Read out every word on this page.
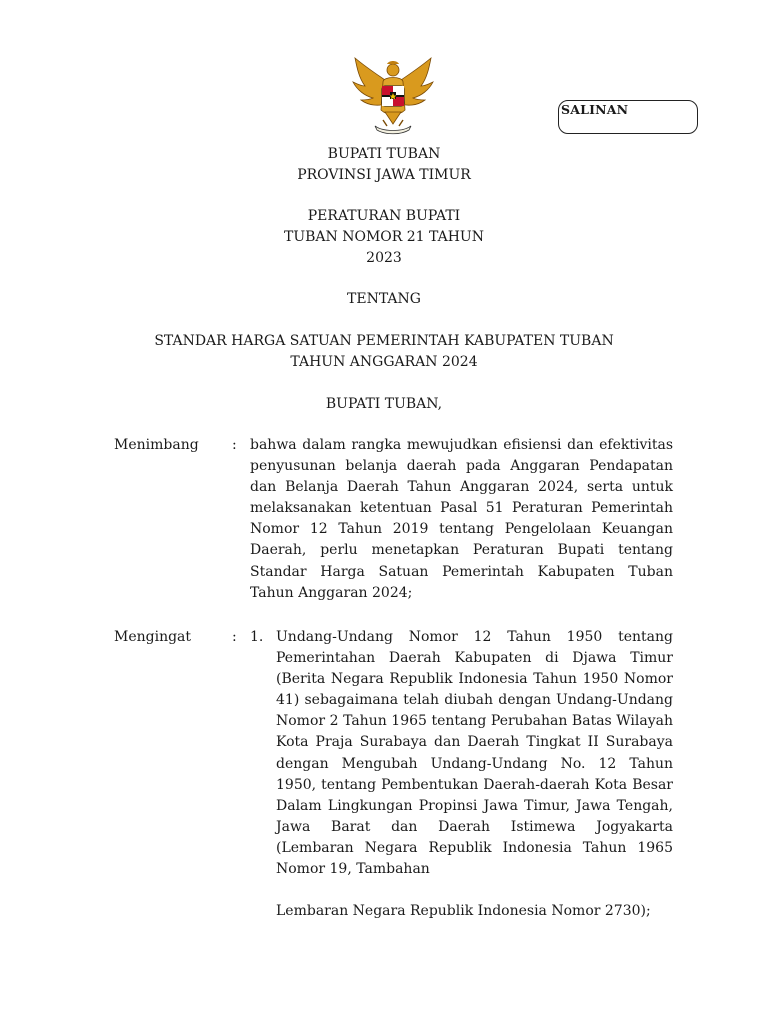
SALINAN
BUPATI TUBAN
PROVINSI JAWA TIMUR
PERATURAN BUPATI
TUBAN NOMOR 21 TAHUN
2023
TENTANG
STANDAR HARGA SATUAN PEMERINTAH KABUPATEN TUBAN
TAHUN ANGGARAN 2024
BUPATI TUBAN,
Menimbang : bahwa dalam rangka mewujudkan efisiensi dan efektivitas penyusunan belanja daerah pada Anggaran Pendapatan dan Belanja Daerah Tahun Anggaran 2024, serta untuk melaksanakan ketentuan Pasal 51 Peraturan Pemerintah Nomor 12 Tahun 2019 tentang Pengelolaan Keuangan Daerah, perlu menetapkan Peraturan Bupati tentang Standar Harga Satuan Pemerintah Kabupaten Tuban Tahun Anggaran 2024;
Mengingat	: 1. Undang-Undang Nomor 12 Tahun 1950 tentang Pemerintahan Daerah Kabupaten di Djawa Timur (Berita Negara Republik Indonesia Tahun 1950 Nomor 41) sebagaimana telah diubah dengan Undang-Undang Nomor 2 Tahun 1965 tentang Perubahan Batas Wilayah Kota Praja Surabaya dan Daerah Tingkat II Surabaya dengan Mengubah Undang-Undang No. 12 Tahun 1950, tentang Pembentukan Daerah-daerah Kota Besar Dalam Lingkungan Propinsi Jawa Timur, Jawa Tengah, Jawa Barat dan Daerah Istimewa Jogyakarta (Lembaran Negara Republik Indonesia Tahun 1965 Nomor 19, Tambahan
Lembaran Negara Republik Indonesia Nomor 2730);
